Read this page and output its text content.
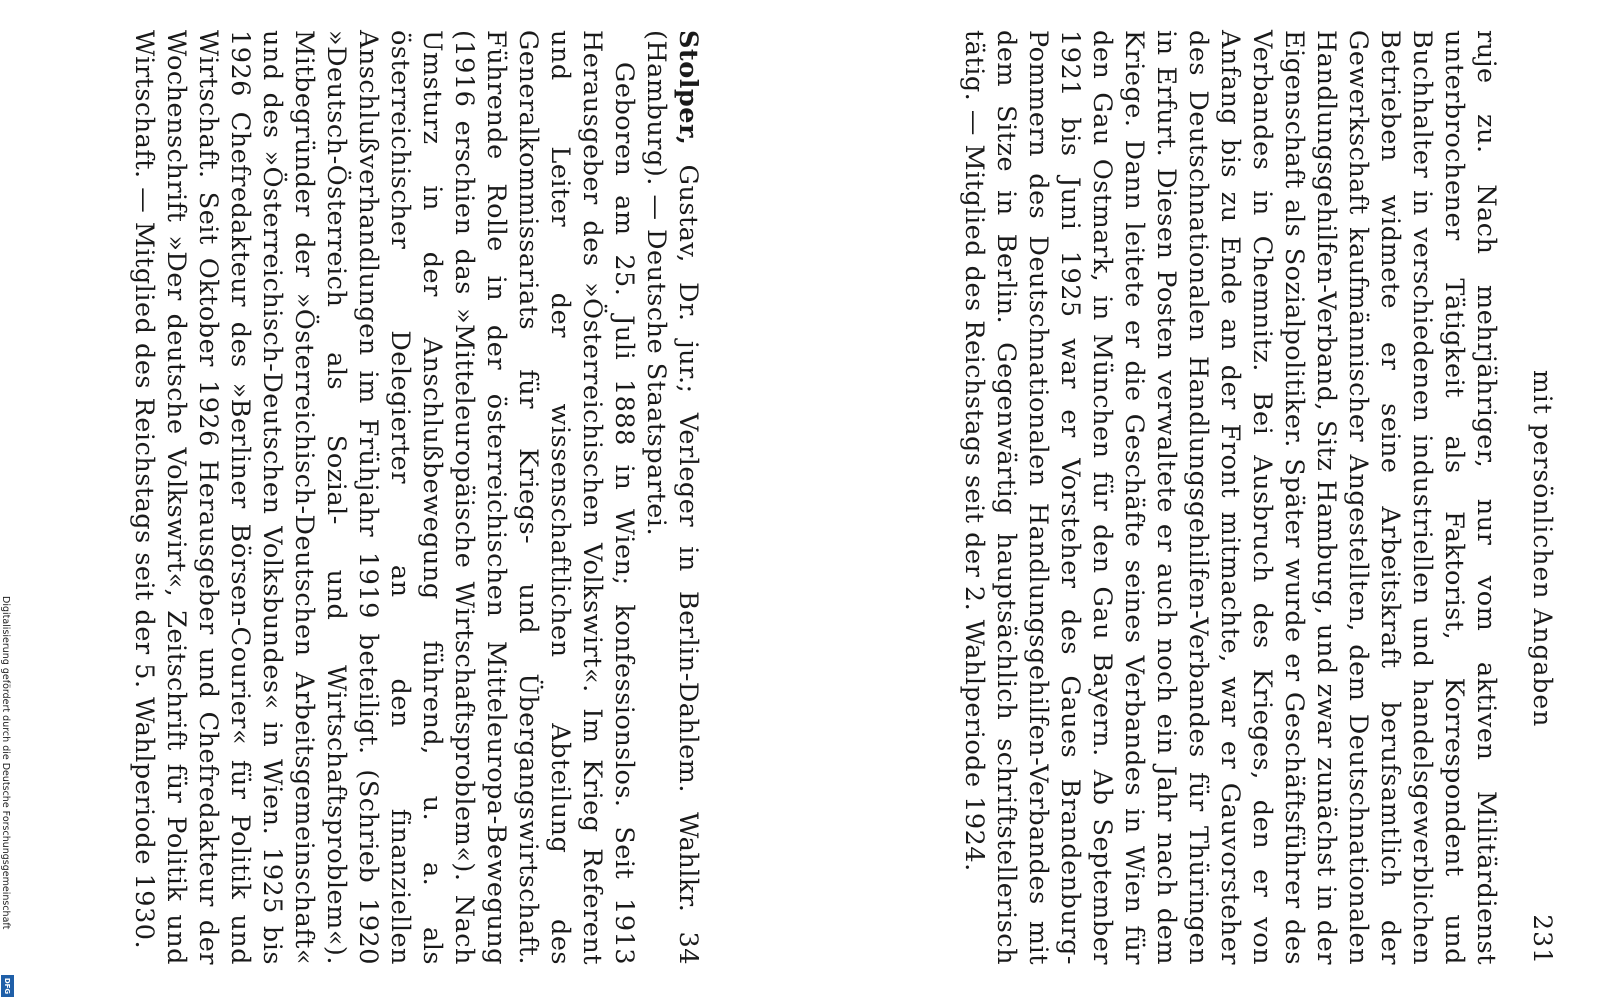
mit persönlichen Angaben
231

ruje zu. Nach mehrjähriger, nur vom aktiven Militärdienst unterbrochener Tätigkeit als Faktorist, Korrespondent und Buchhalter in verschiedenen industriellen und handelsgewerblichen Betrieben widmete er seine Arbeitskraft berufsamtlich der Gewerkschaft kaufmännischer Angestellten, dem Deutschnationalen Handlungsgehilfen-Verband, Sitz Hamburg, und zwar zunächst in der Eigenschaft als Sozialpolitiker. Später wurde er Geschäftsführer des Verbandes in Chemnitz. Bei Ausbruch des Krieges, den er von Anfang bis zu Ende an der Front mitmachte, war er Gauvorsteher des Deutschnationalen Handlungsgehilfen-Verbandes für Thüringen in Erfurt. Diesen Posten verwaltete er auch noch ein Jahr nach dem Kriege. Dann leitete er die Geschäfte seines Verbandes in Wien für den Gau Ostmark, in München für den Gau Bayern. Ab September 1921 bis Juni 1925 war er Vorsteher des Gaues Brandenburg-Pommern des Deutschnationalen Handlungsgehilfen-Verbandes mit dem Sitze in Berlin. Gegenwärtig hauptsächlich schriftstellerisch tätig. — Mitglied des Reichstags seit der 2. Wahlperiode 1924.

Stolper, Gustav, Dr. jur.; Verleger in Berlin-Dahlem. Wahlkr. 34 (Hamburg). — Deutsche Staatspartei.

Geboren am 25. Juli 1888 in Wien; konfessionslos. Seit 1913 Herausgeber des »Österreichischen Volkswirt«. Im Krieg Referent und Leiter der wissenschaftlichen Abteilung des Generalkommissariats für Kriegs- und Übergangswirtschaft. Führende Rolle in der österreichischen Mitteleuropa-Bewegung (1916 erschien das »Mitteleuropäische Wirtschaftsproblem«). Nach Umsturz in der Anschlußbewegung führend, u. a. als österreichischer Delegierter an den finanziellen Anschlußverhandlungen im Frühjahr 1919 beteiligt. (Schrieb 1920 »Deutsch-Österreich als Sozial- und Wirtschaftsproblem«). Mitbegründer der »Österreichisch-Deutschen Arbeitsgemeinschaft« und des »Österreichisch-Deutschen Volksbundes« in Wien. 1925 bis 1926 Chefredakteur des »Berliner Börsen-Courier« für Politik und Wirtschaft. Seit Oktober 1926 Herausgeber und Chefredakteur der Wochenschrift »Der deutsche Volkswirt«, Zeitschrift für Politik und Wirtschaft. — Mitglied des Reichstags seit der 5. Wahlperiode 1930.

Digitalisierung gefördert durch die Deutsche Forschungsgemeinschaft
DFG
